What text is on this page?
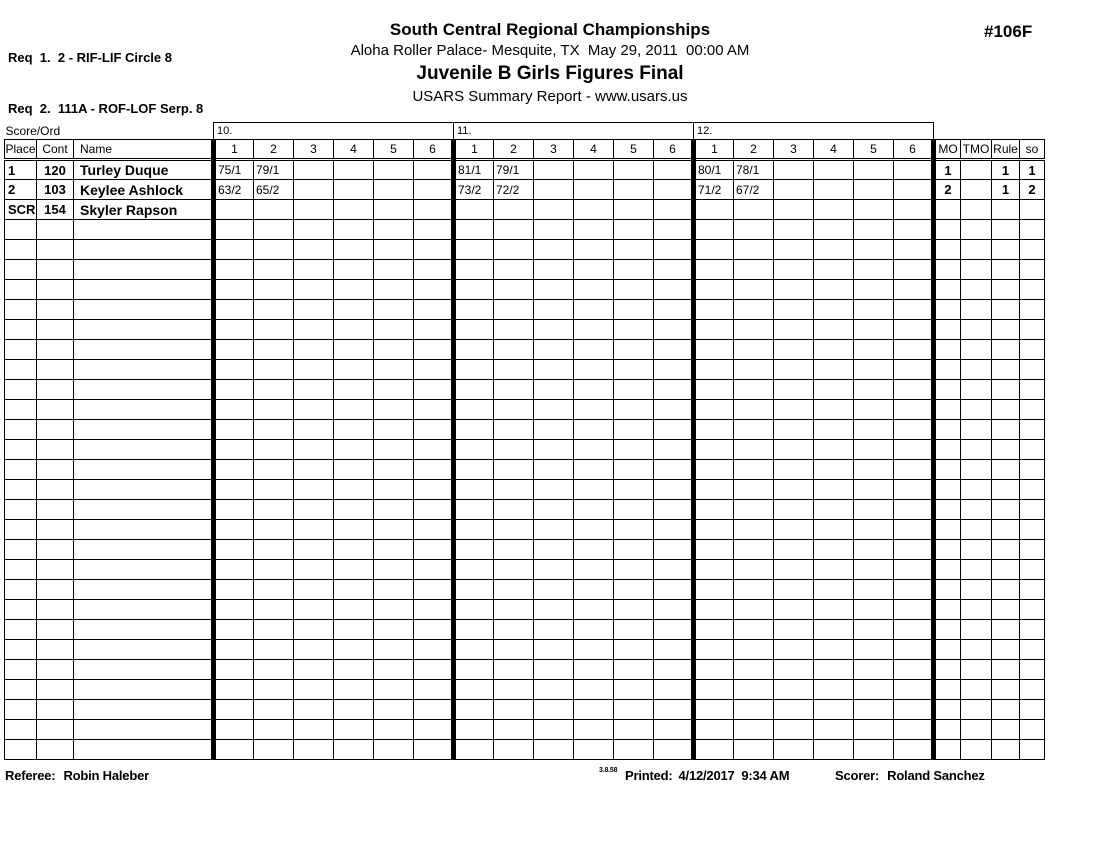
Req  1.  2 - RIF-LIF Circle 8

Req  2.  111A - ROF-LOF Serp. 8

South Central Regional Championships
Aloha Roller Palace- Mesquite, TX  May 29, 2011  00:00 AM
Juvenile B Girls Figures Final
USARS Summary Report - www.usars.us
#106F
Score/Ord			10.						11.						12.									
Place	Cont	Name	1	2	3	4	5	6	1	2	3	4	5	6	1	2	3	4	5	6	MO	TMO	Rule	so
1	120	Turley Duque	75/1	79/1					81/1	79/1					80/1	78/1					1		1	1
2	103	Keylee Ashlock	63/2	65/2					73/2	72/2					71/2	67/2					2		1	2
SCR	154	Skyler Rapson																						

Referee: Robin Haleber	3.8.58 Printed: 4/12/2017  9:34 AM	Scorer: Roland Sanchez
